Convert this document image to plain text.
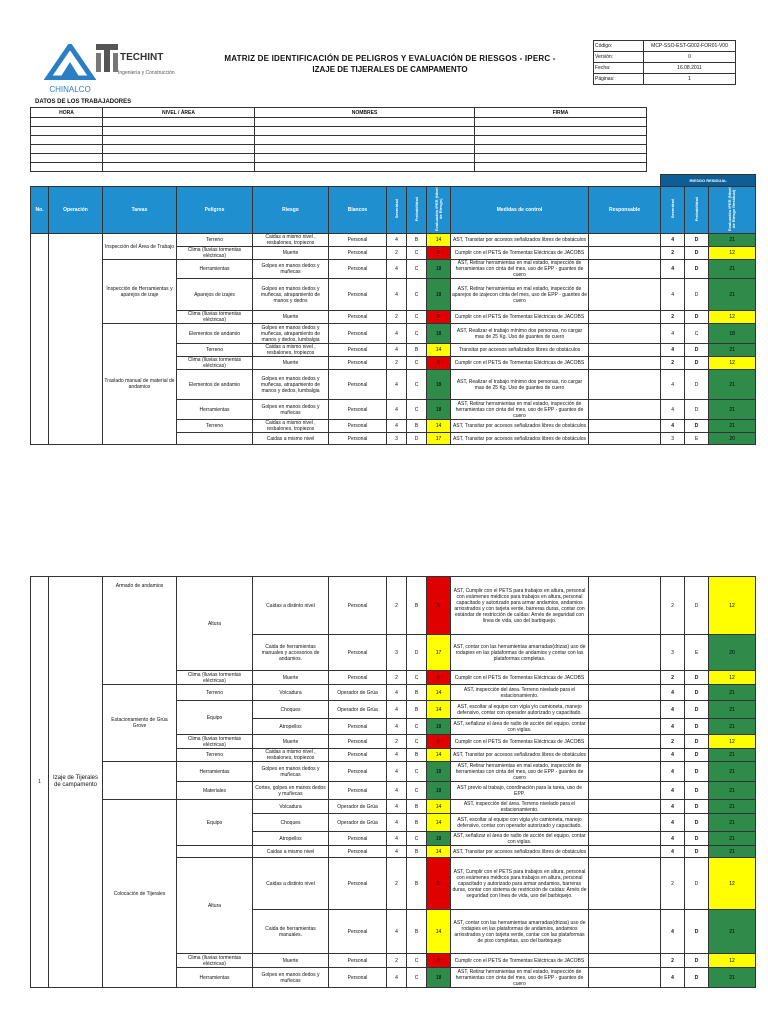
CHINALCO
TECHINT
Ingeniería y Construcción
MATRIZ DE IDENTIFICACIÓN DE PELIGROS Y EVALUACIÓN DE RIESGOS - IPERC -
IZAJE DE TIJERALES DE CAMPAMENTO
Código:	MCP-SSO-EST-G002-FOR01-V00
Versión:	0
Fecha:	16.08.2011
Páginas:	1
DATOS DE LOS TRABAJADORES
HORA	NIVEL / ÁREA	NOMBRES	FIRMA

											RIESGO RESIDUAL		
No.	Operación	Tareas	Peligros	Riesgo	Blancos	Severidad	Probabilidad	Evaluación IPER (Nivel de Riesgo)	Medidas de control	Responsable	Severidad	Probabilidad	Evaluación IPER (Nivel de Riesgo Residual)
		Inspección del Área de Trabajo	Terreno	Caidas a mismo nivel , resbalones, tropiezos	Personal	4	B	14	AST, Transitar por accesos señalizados libres de obstáculos		4	D	21
			Clima (lluvias tormentas eléctricas)	Muerte	Personal	2	C	8	Cumplir con el PETS de Tormentas Eléctricas de JACOBS		2	D	12
		Inspección de Herramientas y aparejos de izaje	Herramientas	Golpes en manos dedos y muñecas	Personal	4	C	18	AST, Retirar herramientas en mal estado, inspección de herramientas con cinta del mes, uso de EPP - guantes de cuero		4	D	21
			Aparejos de izajes	Golpes en manos dedos y muñecas, atrapamiento de manos y dedos	Personal	4	C	18	AST, Retirar herramientas en mal estado, inspección de aparejos de izajecon cinta del mes, uso de EPP - guantes de cuero		4	D	21
			Clima (lluvias tormentas eléctricas)	Muerte	Personal	2	C	8	Cumplir con el PETS de Tormentas Eléctricas de JACOBS		2	D	12
		Traslado manual de material de andamios	Elementos de andamio	Golpes en manos dedos y muñecas, atrapamiento de manos y dedos, lumbalgia	Personal	4	C	18	AST, Realizar el trabajo mínimo dos personas, no cargar mas de 25 Kg. Uso de guantes de cuero		4	C	18
			Terreno	Caidas a mismo nivel , resbalones, tropiezos	Personal	4	B	14	Transitar por accesos señalizados libres de obstáculos		4	D	21
			Clima (lluvias tormentas eléctricas)	Muerte	Personal	2	C	8	Cumplir con el PETS de Tormentas Eléctricas de JACOBS		2	D	12
			Elementos de andamio	Golpes en manos dedos y muñecas, atrapamiento de manos y dedos, lumbalgia	Personal	4	C	18	AST, Realizar el trabajo mínimo dos personas, no cargar mas de 25 Kg. Uso de guantes de cuero		4	D	21
			Herramientas	Golpes en manos dedos y muñecas	Personal	4	C	18	AST, Retirar herramientas en mal estado, inspección de herramientas con cinta del mes, uso de EPP - guantes de cuero		4	D	21
			Terreno	Caidas a mismo nivel , resbalones, tropiezos	Personal	4	B	14	AST, Transitar por accesos señalizados libres de obstáculos		4	D	21
				Caidas a mismo nivel	Personal	3	D	17	AST, Transitar por accesos señalizados libres de obstáculos		3	E	20
1	Izaje de Tijerales de campamento	Armado de andamios	Altura	Caidas a distinto nivel	Personal	2	B	5	AST, Cumplir con el PETS para trabajos en altura, personal con exámenes médicos para trabajos en altura, personal capacitado y autorizado para armar andamios, andamios arriostrados y con tarjeta verde, barreras duras, contar con estándar de restricción de caídas: Arnés de seguridad con línea de vida, uso del barbiquejo.		2	D	12
				Caida de herramientas manuales y accesorios de andamios.	Personal	3	D	17	AST, contar con las herramientas amarradas(drizas) uso de rodapies en las plataformas de andamios y contar con las plataformas completas.		3	E	20
			Clima (lluvias tormentas eléctricas)	Muerte	Personal	2	C	8	Cumplir con el PETS de Tormentas Eléctricas de JACOBS		2	D	12
		Estacionamiento de Grúa Grove	Terreno	Volcadura	Operador de Grúa	4	B	14	AST, inspección del área. Terreno nivelado para el estacionamiento.		4	D	21
			Equipo	Choques	Operador de Grúa	4	B	14	AST, escoltar al equipo con vigía y/o camioneta, manejo defensivo, contar con operador autorizado y capacitado.		4	D	21
				Atropellos	Personal	4	C	18	AST, señalizar el área de radio de acción del equipo, contar con vigías.		4	D	21
			Clima (lluvias tormentas eléctricas)	Muerte	Personal	2	C	8	Cumplir con el PETS de Tormentas Eléctricas de JACOBS		2	D	12
			Terreno	Caidas a mismo nivel , resbalones, tropiezos	Personal	4	B	14	AST, Transitar por accesos señalizados libres de obstáculos		4	D	21
			Herramientas	Golpes en manos dedos y muñecas	Personal	4	C	18	AST, Retirar herramientas en mal estado, inspección de herramientas con cinta del mes, uso de EPP - guantes de cuero		4	D	21
			Materiales	Cortes, golpes en manos dedos y muñecas	Personal	4	C	18	AST previo al trabajo, coordinación para la tarea, uso de EPP.		4	D	21
		Colocación de Tijerales	Equipo	Volcadura	Operador de Grúa	4	B	14	AST, inspección del área. Terreno nivelado para el estacionamiento.		4	D	21
				Choques	Operador de Grúa	4	B	14	AST, escoltar al equipo con vigía y/o camioneta, manejo defensivo, contar con operador autorizado y capacitado.		4	D	21
				Atropellos	Personal	4	C	18	AST, señalizar el área de radio de acción del equipo, contar con vigías.		4	D	21
				Caidas a mismo nivel	Personal	4	B	14	AST, Transitar por accesos señalizados libres de obstáculos		4	D	21
			Altura	Caidas a distinto nivel	Personal	2	B	5	AST, Cumplir con el PETS para trabajos en altura, personal con exámenes médicos para trabajos en altura, personal capacitado y autorizado para armar andamios, barreras duras, contar con sistema de restricción de caídas: Arnés de seguridad con línea de vida, uso del barbiquejo.		2	D	12
				Caida de herramientas manuales.	Personal	4	B	14	AST, contar con las herramientas amarradas(drizas) uso de rodapies en las plataformas de andamios, andamios arriostrados y con tarjeta verde, contar con las plataformas de piso completas, uso del barbiquejo		4	D	21
			Clima (lluvias tormentas eléctricas)	Muerte	Personal	2	C	8	Cumplir con el PETS de Tormentas Eléctricas de JACOBS		2	D	12
			Herramientas	Golpes en manos dedos y muñecas	Personal	4	C	18	AST, Retirar herramientas en mal estado, inspección de herramientas con cinta del mes, uso de EPP - guantes de cuero		4	D	21
